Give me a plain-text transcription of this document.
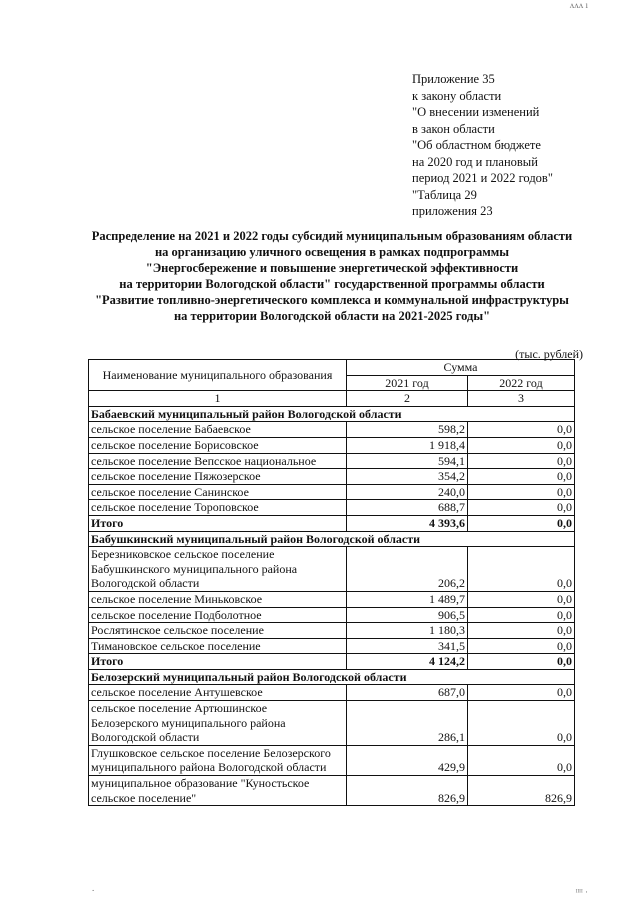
ᴧᴧᴧ ı
.	ᴵᴵᴵᴵ ·
Приложение 35
к закону области
"О внесении изменений
в закон области
"Об областном бюджете
на 2020 год и плановый
период 2021 и 2022 годов"
"Таблица 29
приложения 23
Распределение на 2021 и 2022 годы субсидий муниципальным образованиям области
на организацию уличного освещения в рамках подпрограммы
"Энергосбережение и повышение энергетической эффективности
на территории Вологодской области" государственной программы области
"Развитие топливно-энергетического комплекса и коммунальной инфраструктуры
на территории Вологодской области на 2021-2025 годы"
(тыс. рублей)
Наименование муниципального образования	Сумма	
	2021 год	2022 год
1	2	3
Бабаевский муниципальный район Вологодской области		

сельское поселение Бабаевское	598,2	0,0

сельское поселение Борисовское	1 918,4	0,0

сельское поселение Вепсское национальное	594,1	0,0

сельское поселение Пяжозерское	354,2	0,0

сельское поселение Санинское	240,0	0,0

сельское поселение Тороповское	688,7	0,0
Итого	4 393,6	0,0
Бабушкинский муниципальный район Вологодской области		

Березниковское сельское поселение
Бабушкинского муниципального района
Вологодской области	206,2	0,0

сельское поселение Миньковское	1 489,7	0,0

сельское поселение Подболотное	906,5	0,0

Рослятинское сельское поселение	1 180,3	0,0

Тимановское сельское поселение	341,5	0,0
Итого	4 124,2	0,0
Белозерский муниципальный район Вологодской области		

сельское поселение Антушевское	687,0	0,0

сельское поселение Артюшинское
Белозерского муниципального района
Вологодской области	286,1	0,0

Глушковское сельское поселение Белозерского
муниципального района Вологодской области	429,9	0,0

муниципальное образование "Куностьское
сельское поселение"	826,9	826,9
